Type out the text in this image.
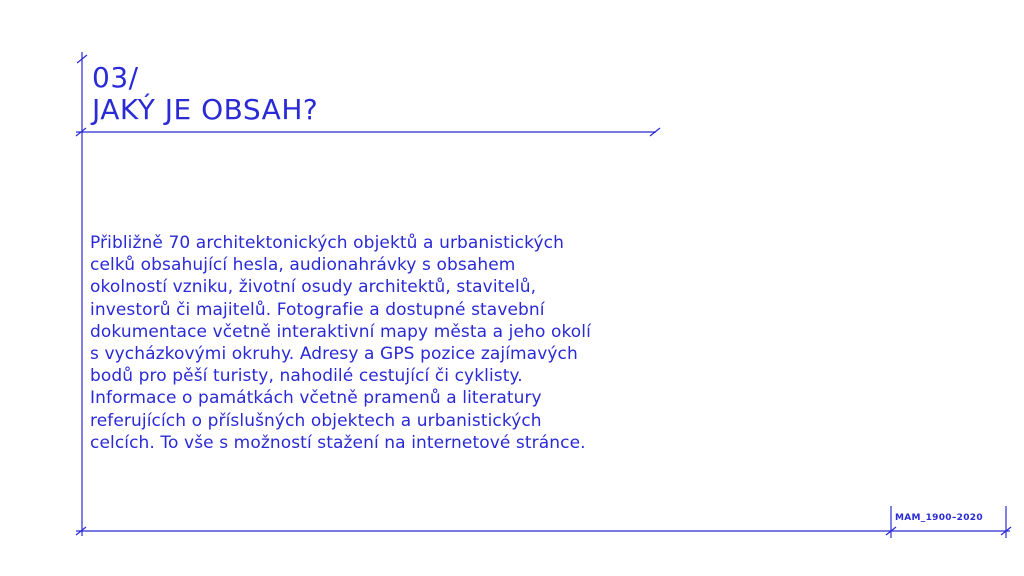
03/
JAKÝ JE OBSAH?
Přibližně 70 architektonických objektů a urbanistických
celků obsahující hesla, audionahrávky s obsahem
okolností vzniku, životní osudy architektů, stavitelů,
investorů či majitelů. Fotografie a dostupné stavební
dokumentace včetně interaktivní mapy města a jeho okolí
s vycházkovými okruhy. Adresy a GPS pozice zajímavých
bodů pro pěší turisty, nahodilé cestující či cyklisty.
Informace o památkách včetně pramenů a literatury
referujících o příslušných objektech a urbanistických
celcích. To vše s možností stažení na internetové stránce.
MAM_1900–2020
